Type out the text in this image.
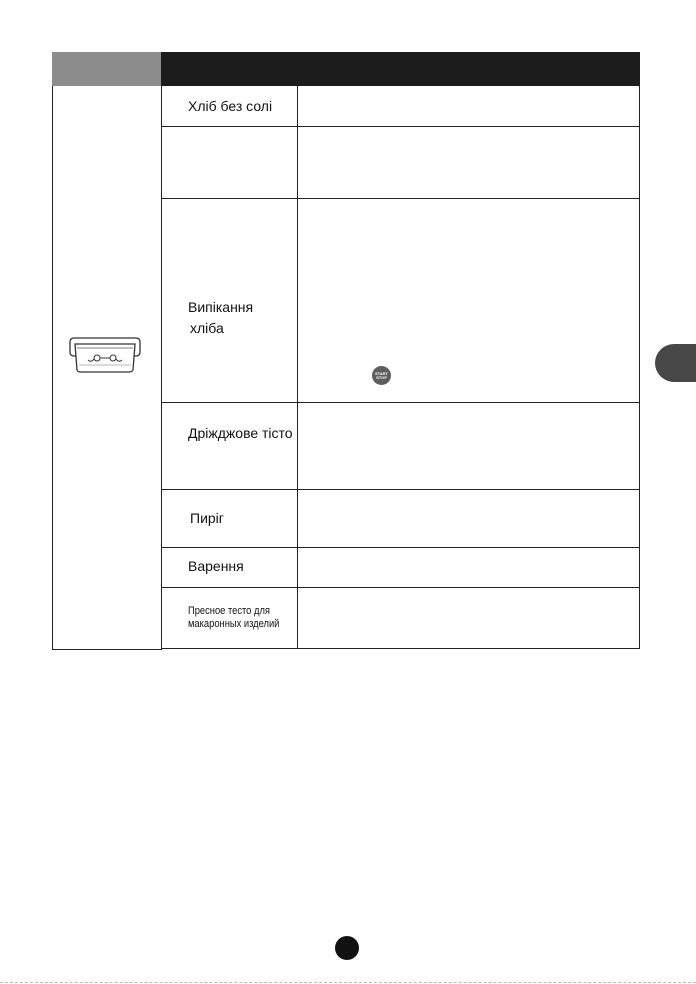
Хліб без солі
Випікання
хліба
START
STOP
Дріжджове тісто
Пиріг
Варення
Пресное тесто для
макаронных изделий
